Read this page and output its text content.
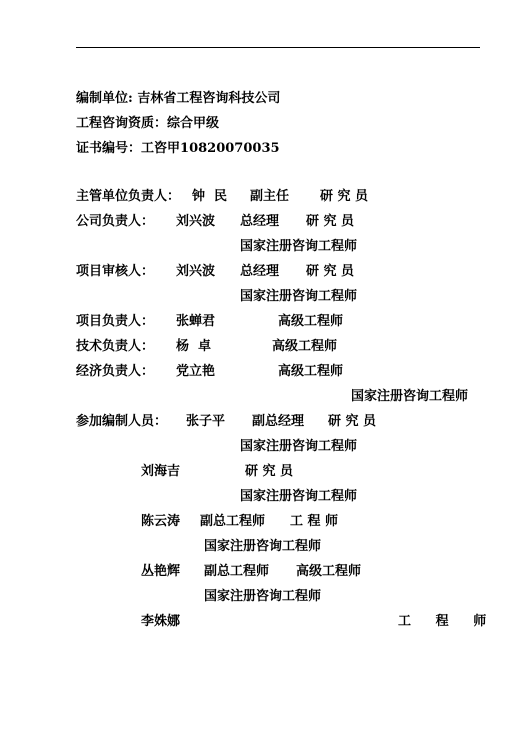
编制单位: 吉林省工程咨询科技公司
工程咨询资质：综合甲级
证书编号：工咨甲10820070035
主管单位负责人： 钟  民 副主任 研 究 员
公司负责人： 刘兴波 总经理 研 究 员
国家注册咨询工程师
项目审核人： 刘兴波 总经理 研 究 员
国家注册咨询工程师
项目负责人： 张蝉君	高级工程师
技术负责人： 杨  卓	高级工程师
经济负责人： 党立艳	高级工程师
国家注册咨询工程师
参加编制人员： 张子平 副总经理 研 究 员
国家注册咨询工程师
刘海吉	研 究 员
国家注册咨询工程师
陈云涛 副总工程师 工 程 师
国家注册咨询工程师
丛艳辉 副总工程师 高级工程师
国家注册咨询工程师
李姝娜	工  程  师
